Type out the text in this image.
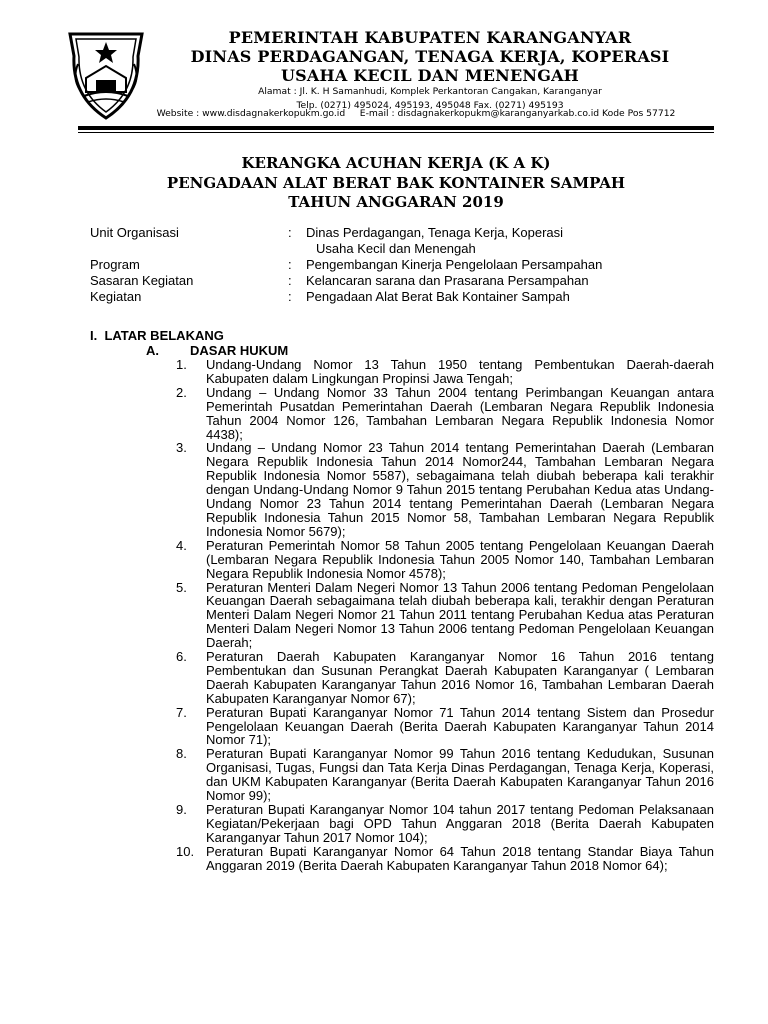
PEMERINTAH KABUPATEN KARANGANYAR
DINAS PERDAGANGAN, TENAGA KERJA, KOPERASI
USAHA KECIL DAN MENENGAH
Alamat : Jl. K. H Samanhudi, Komplek Perkantoran Cangakan, Karanganyar
Telp. (0271) 495024, 495193, 495048 Fax. (0271) 495193
Website : www.disdagnakerkopukm.go.id     E-mail : disdagnakerkopukm@karanganyarkab.co.id Kode Pos 57712
KERANGKA ACUHAN KERJA (K A K)
PENGADAAN ALAT BERAT BAK KONTAINER SAMPAH
TAHUN ANGGARAN 2019
Unit Organisasi	:	Dinas Perdagangan, Tenaga Kerja, Koperasi
Usaha Kecil dan Menengah
Program	:	Pengembangan Kinerja Pengelolaan Persampahan
Sasaran Kegiatan	:	Kelancaran sarana dan Prasarana Persampahan
Kegiatan	:	Pengadaan Alat Berat Bak Kontainer Sampah
I.  LATAR BELAKANG
A. DASAR HUKUM
1.	Undang-Undang Nomor 13 Tahun 1950 tentang Pembentukan Daerah-daerah Kabupaten dalam Lingkungan Propinsi Jawa Tengah;
2.	Undang – Undang Nomor 33 Tahun 2004 tentang Perimbangan Keuangan antara Pemerintah Pusatdan Pemerintahan Daerah (Lembaran Negara Republik Indonesia Tahun 2004 Nomor 126, Tambahan Lembaran Negara Republik Indonesia Nomor 4438);
3.	Undang – Undang Nomor 23 Tahun 2014 tentang Pemerintahan Daerah (Lembaran Negara Republik Indonesia Tahun 2014 Nomor244, Tambahan Lembaran Negara Republik Indonesia Nomor 5587), sebagaimana telah diubah beberapa kali terakhir dengan Undang-Undang Nomor 9 Tahun 2015 tentang Perubahan Kedua atas Undang-Undang Nomor 23 Tahun 2014 tentang Pemerintahan Daerah (Lembaran Negara Republik Indonesia Tahun 2015 Nomor 58, Tambahan Lembaran Negara Republik Indonesia Nomor 5679);
4.	Peraturan Pemerintah Nomor 58 Tahun 2005 tentang Pengelolaan Keuangan Daerah (Lembaran Negara Republik Indonesia Tahun 2005 Nomor 140, Tambahan Lembaran Negara Republik Indonesia Nomor 4578);
5.	Peraturan Menteri Dalam Negeri Nomor 13 Tahun 2006 tentang Pedoman Pengelolaan Keuangan Daerah sebagaimana telah diubah beberapa kali, terakhir dengan Peraturan Menteri Dalam Negeri Nomor 21 Tahun 2011 tentang Perubahan Kedua atas Peraturan Menteri Dalam Negeri Nomor 13 Tahun 2006 tentang Pedoman Pengelolaan Keuangan Daerah;
6.	Peraturan Daerah Kabupaten Karanganyar Nomor 16 Tahun 2016 tentang Pembentukan dan Susunan Perangkat Daerah Kabupaten Karanganyar ( Lembaran Daerah Kabupaten Karanganyar Tahun 2016 Nomor 16, Tambahan Lembaran Daerah Kabupaten Karanganyar Nomor 67);
7.	Peraturan Bupati Karanganyar Nomor 71 Tahun 2014 tentang Sistem dan Prosedur Pengelolaan Keuangan Daerah (Berita Daerah Kabupaten Karanganyar Tahun 2014 Nomor 71);
8.	Peraturan Bupati Karanganyar Nomor 99 Tahun 2016 tentang Kedudukan, Susunan Organisasi, Tugas, Fungsi dan Tata Kerja Dinas Perdagangan, Tenaga Kerja, Koperasi, dan UKM Kabupaten Karanganyar (Berita Daerah Kabupaten Karanganyar Tahun 2016 Nomor 99);
9.	Peraturan Bupati Karanganyar Nomor 104 tahun 2017 tentang Pedoman Pelaksanaan Kegiatan/Pekerjaan bagi OPD Tahun Anggaran 2018 (Berita Daerah Kabupaten Karanganyar Tahun 2017 Nomor 104);
10. Peraturan Bupati Karanganyar Nomor 64 Tahun 2018 tentang Standar Biaya Tahun Anggaran 2019 (Berita Daerah Kabupaten Karanganyar Tahun 2018 Nomor 64);
